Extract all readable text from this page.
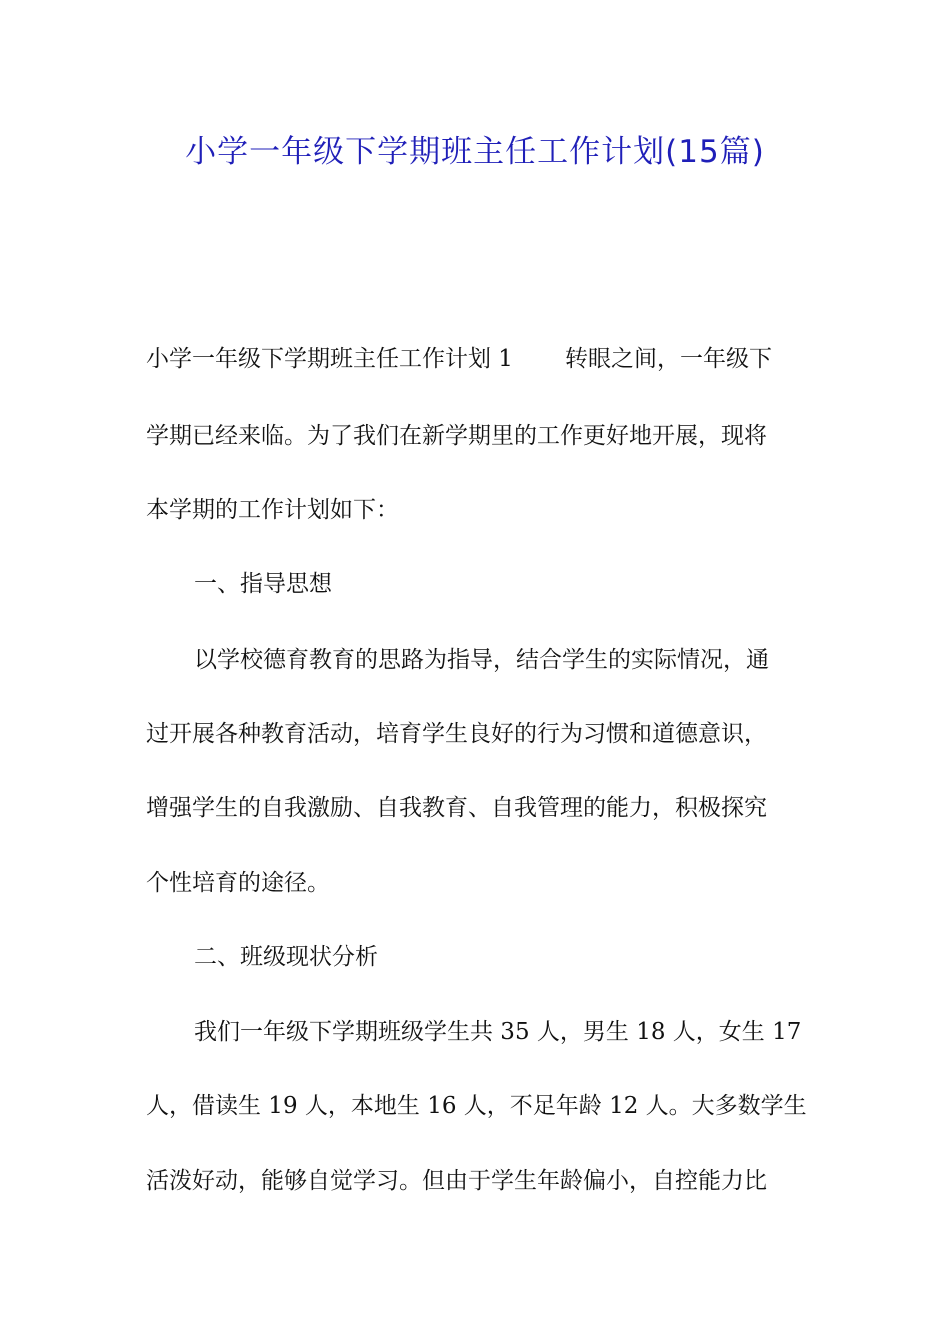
小学一年级下学期班主任工作计划(15篇)
小学一年级下学期班主任工作计划 1 转眼之间，一年级下
学期已经来临。为了我们在新学期里的工作更好地开展，现将
本学期的工作计划如下：
一、指导思想
以学校德育教育的思路为指导，结合学生的实际情况，通
过开展各种教育活动，培育学生良好的行为习惯和道德意识，
增强学生的自我激励、自我教育、自我管理的能力，积极探究
个性培育的途径。
二、班级现状分析
我们一年级下学期班级学生共 35 人，男生 18 人，女生 17
人，借读生 19 人，本地生 16 人，不足年龄 12 人。大多数学生
活泼好动，能够自觉学习。但由于学生年龄偏小，自控能力比
